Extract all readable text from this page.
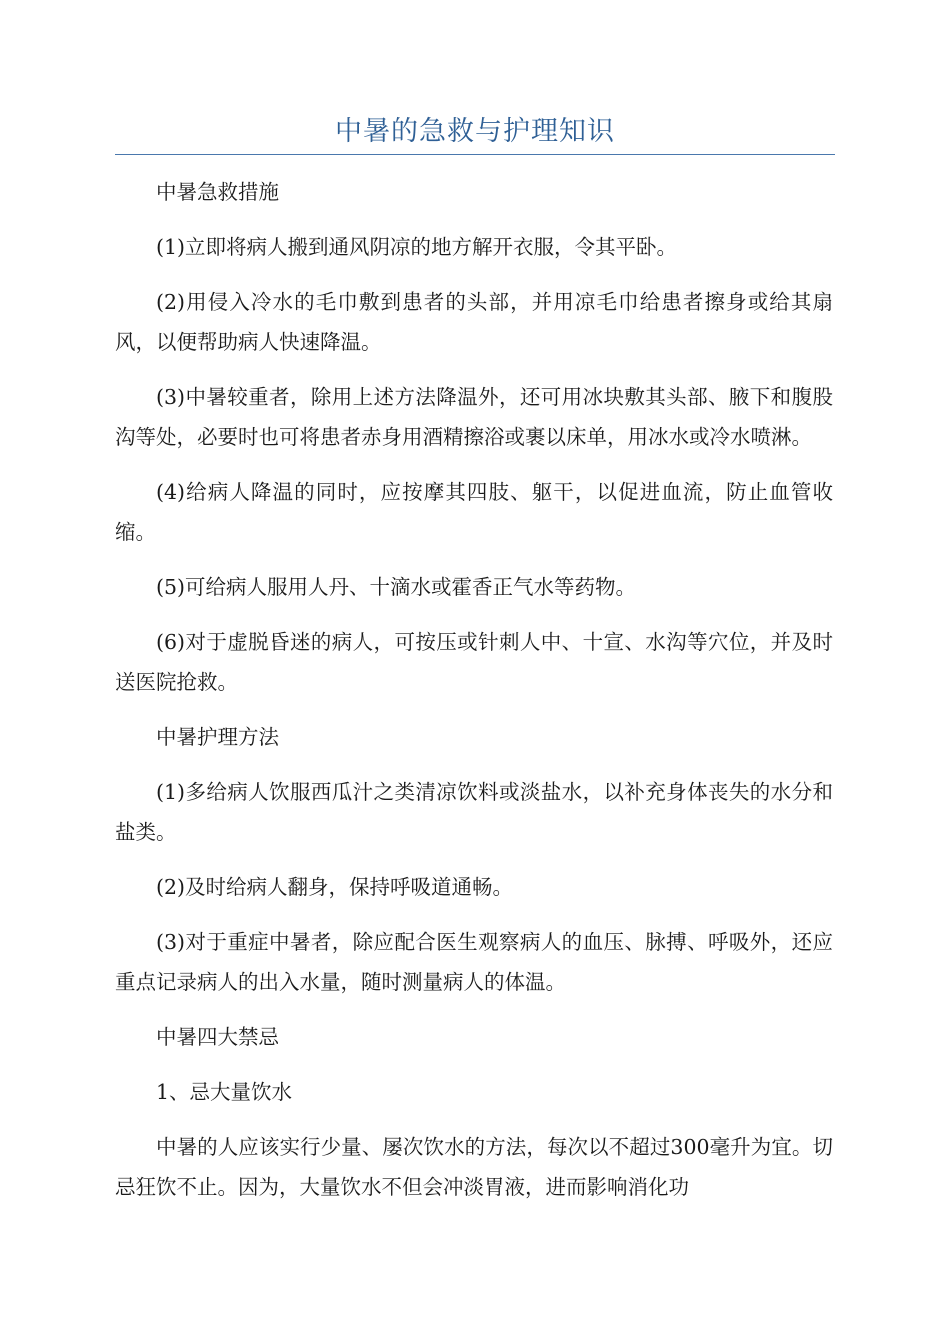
中暑的急救与护理知识

中暑急救措施

(1)立即将病人搬到通风阴凉的地方解开衣服，令其平卧。

(2)用侵入冷水的毛巾敷到患者的头部，并用凉毛巾给患者擦身或给其扇风，以便帮助病人快速降温。

(3)中暑较重者，除用上述方法降温外，还可用冰块敷其头部、腋下和腹股沟等处，必要时也可将患者赤身用酒精擦浴或裹以床单，用冰水或冷水喷淋。

(4)给病人降温的同时，应按摩其四肢、躯干，以促进血流，防止血管收缩。

(5)可给病人服用人丹、十滴水或霍香正气水等药物。

(6)对于虚脱昏迷的病人，可按压或针刺人中、十宣、水沟等穴位，并及时送医院抢救。

中暑护理方法

(1)多给病人饮服西瓜汁之类清凉饮料或淡盐水，以补充身体丧失的水分和盐类。

(2)及时给病人翻身，保持呼吸道通畅。

(3)对于重症中暑者，除应配合医生观察病人的血压、脉搏、呼吸外，还应重点记录病人的出入水量，随时测量病人的体温。

中暑四大禁忌

1、忌大量饮水

中暑的人应该实行少量、屡次饮水的方法，每次以不超过300毫升为宜。切忌狂饮不止。因为，大量饮水不但会冲淡胃液，进而影响消化功
